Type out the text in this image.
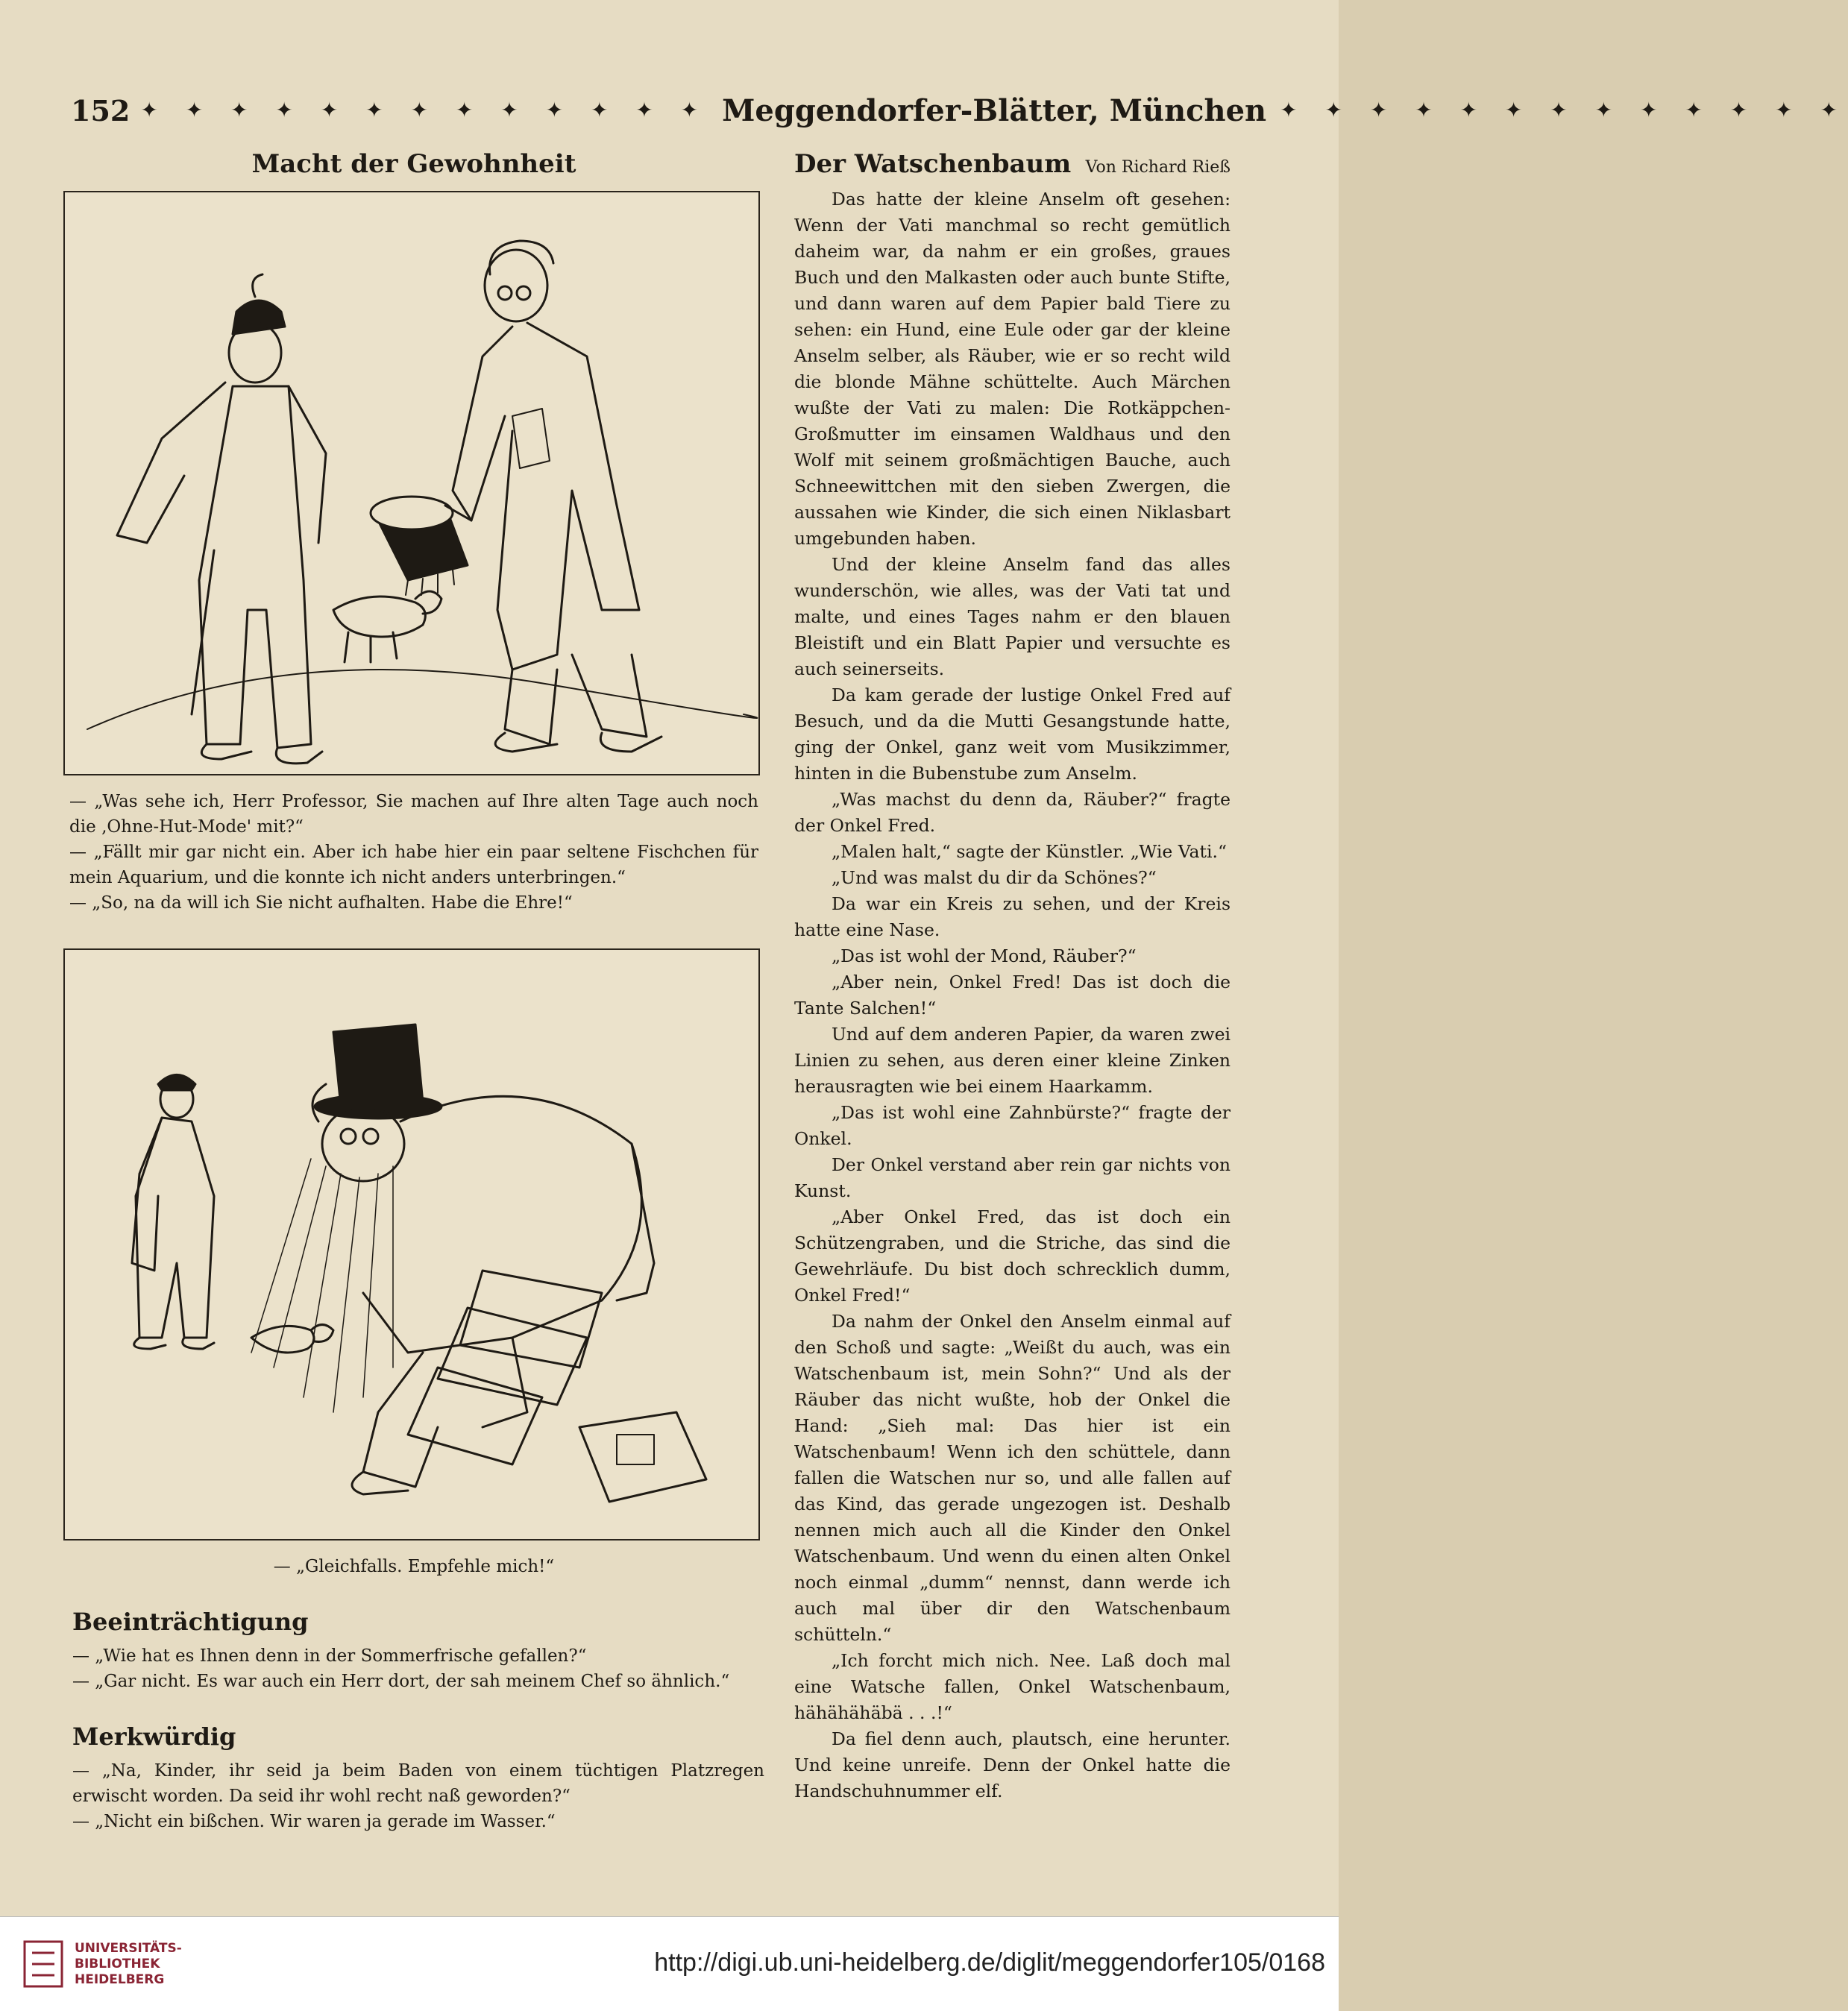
152 ✦ ✦ ✦ ✦ ✦ ✦ ✦ ✦ ✦ ✦ ✦ ✦ ✦ Meggendorfer-Blätter, München ✦ ✦ ✦ ✦ ✦ ✦ ✦ ✦ ✦ ✦ ✦ ✦ ✦
Macht der Gewohnheit

— „Was sehe ich, Herr Professor, Sie machen auf Ihre alten Tage auch noch die ‚Ohne-Hut-Mode' mit?“

— „Fällt mir gar nicht ein. Aber ich habe hier ein paar seltene Fischchen für mein Aquarium, und die konnte ich nicht anders unterbringen.“

— „So, na da will ich Sie nicht aufhalten. Habe die Ehre!“

— „Gleichfalls. Empfehle mich!“

Beeinträchtigung

— „Wie hat es Ihnen denn in der Sommerfrische gefallen?“

— „Gar nicht. Es war auch ein Herr dort, der sah meinem Chef so ähnlich.“

Merkwürdig

— „Na, Kinder, ihr seid ja beim Baden von einem tüchtigen Platzregen erwischt worden. Da seid ihr wohl recht naß geworden?“

— „Nicht ein bißchen. Wir waren ja gerade im Wasser.“

Der Watschenbaum Von Richard Rieß

Das hatte der kleine Anselm oft gesehen: Wenn der Vati manchmal so recht gemütlich daheim war, da nahm er ein großes, graues Buch und den Malkasten oder auch bunte Stifte, und dann waren auf dem Papier bald Tiere zu sehen: ein Hund, eine Eule oder gar der kleine Anselm selber, als Räuber, wie er so recht wild die blonde Mähne schüttelte. Auch Märchen wußte der Vati zu malen: Die Rotkäppchen-Großmutter im einsamen Waldhaus und den Wolf mit seinem großmächtigen Bauche, auch Schneewittchen mit den sieben Zwergen, die aussahen wie Kinder, die sich einen Niklasbart umgebunden haben.

Und der kleine Anselm fand das alles wunderschön, wie alles, was der Vati tat und malte, und eines Tages nahm er den blauen Bleistift und ein Blatt Papier und versuchte es auch seinerseits.

Da kam gerade der lustige Onkel Fred auf Besuch, und da die Mutti Gesangstunde hatte, ging der Onkel, ganz weit vom Musikzimmer, hinten in die Bubenstube zum Anselm.

„Was machst du denn da, Räuber?“ fragte der Onkel Fred.

„Malen halt,“ sagte der Künstler. „Wie Vati.“

„Und was malst du dir da Schönes?“

Da war ein Kreis zu sehen, und der Kreis hatte eine Nase.

„Das ist wohl der Mond, Räuber?“

„Aber nein, Onkel Fred! Das ist doch die Tante Salchen!“

Und auf dem anderen Papier, da waren zwei Linien zu sehen, aus deren einer kleine Zinken herausragten wie bei einem Haarkamm.

„Das ist wohl eine Zahnbürste?“ fragte der Onkel.

Der Onkel verstand aber rein gar nichts von Kunst.

„Aber Onkel Fred, das ist doch ein Schützengraben, und die Striche, das sind die Gewehrläufe. Du bist doch schrecklich dumm, Onkel Fred!“

Da nahm der Onkel den Anselm einmal auf den Schoß und sagte: „Weißt du auch, was ein Watschenbaum ist, mein Sohn?“ Und als der Räuber das nicht wußte, hob der Onkel die Hand: „Sieh mal: Das hier ist ein Watschenbaum! Wenn ich den schüttele, dann fallen die Watschen nur so, und alle fallen auf das Kind, das gerade ungezogen ist. Deshalb nennen mich auch all die Kinder den Onkel Watschenbaum. Und wenn du einen alten Onkel noch einmal „dumm“ nennst, dann werde ich auch mal über dir den Watschenbaum schütteln.“

„Ich forcht mich nich. Nee. Laß doch mal eine Watsche fallen, Onkel Watschenbaum, hähähähäbä . . .!“

Da fiel denn auch, plautsch, eine herunter. Und keine unreife. Denn der Onkel hatte die Handschuhnummer elf.

UNIVERSITÄTS-
BIBLIOTHEK
HEIDELBERG
http://digi.ub.uni-heidelberg.de/diglit/meggendorfer105/0168
